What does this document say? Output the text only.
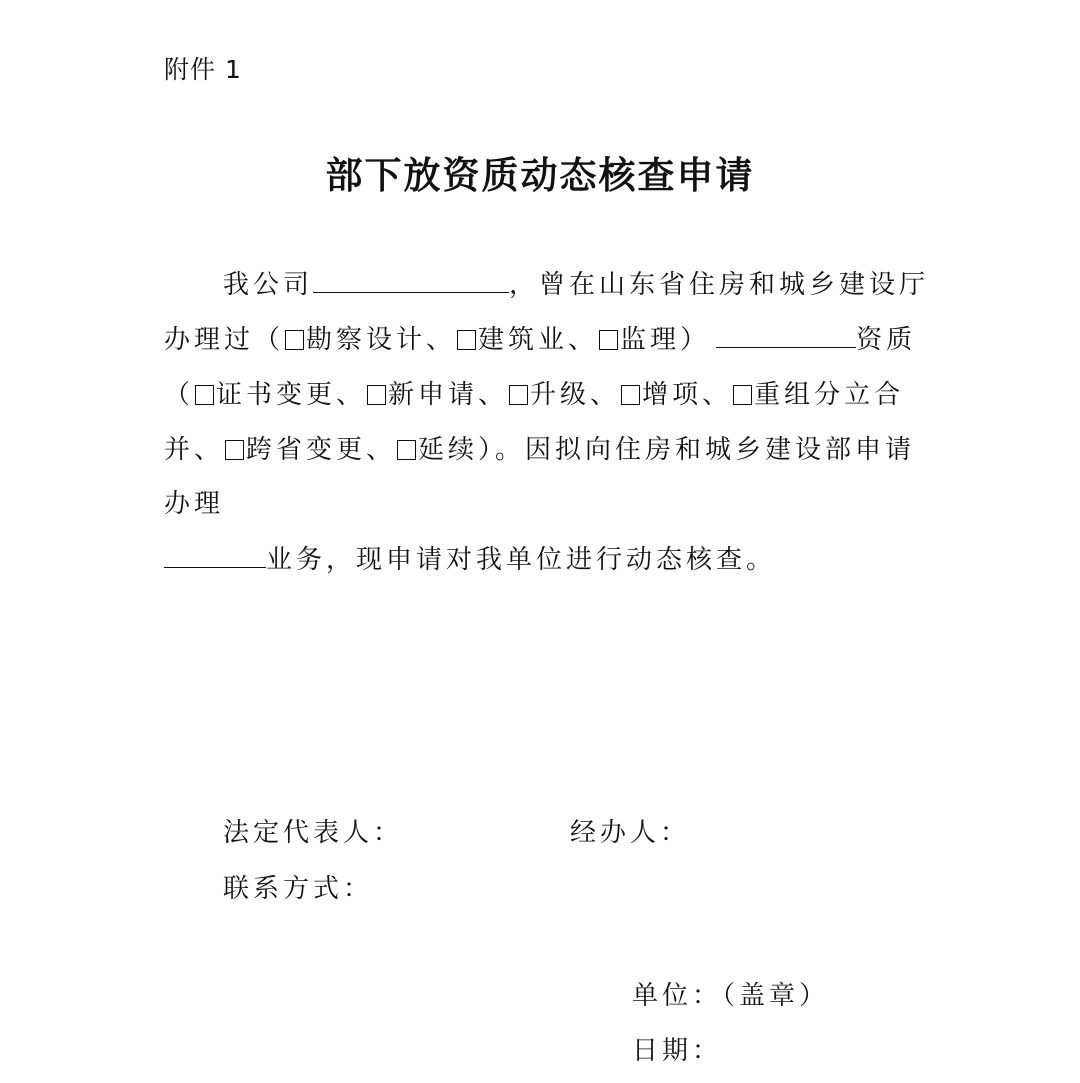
附件 1
部下放资质动态核查申请
我公司	，曾在山东省住房和城乡建设厅
办理过（ 勘察设计、 建筑业、 监理）	资质
（ 证书变更、 新申请、 升级、 增项、 重组分立合
并、 跨省变更、 延续）。因拟向住房和城乡建设部申请
办理
业务，现申请对我单位进行动态核查。
法定代表人：	经办人：
联系方式：
单位：（盖章）
日期：
